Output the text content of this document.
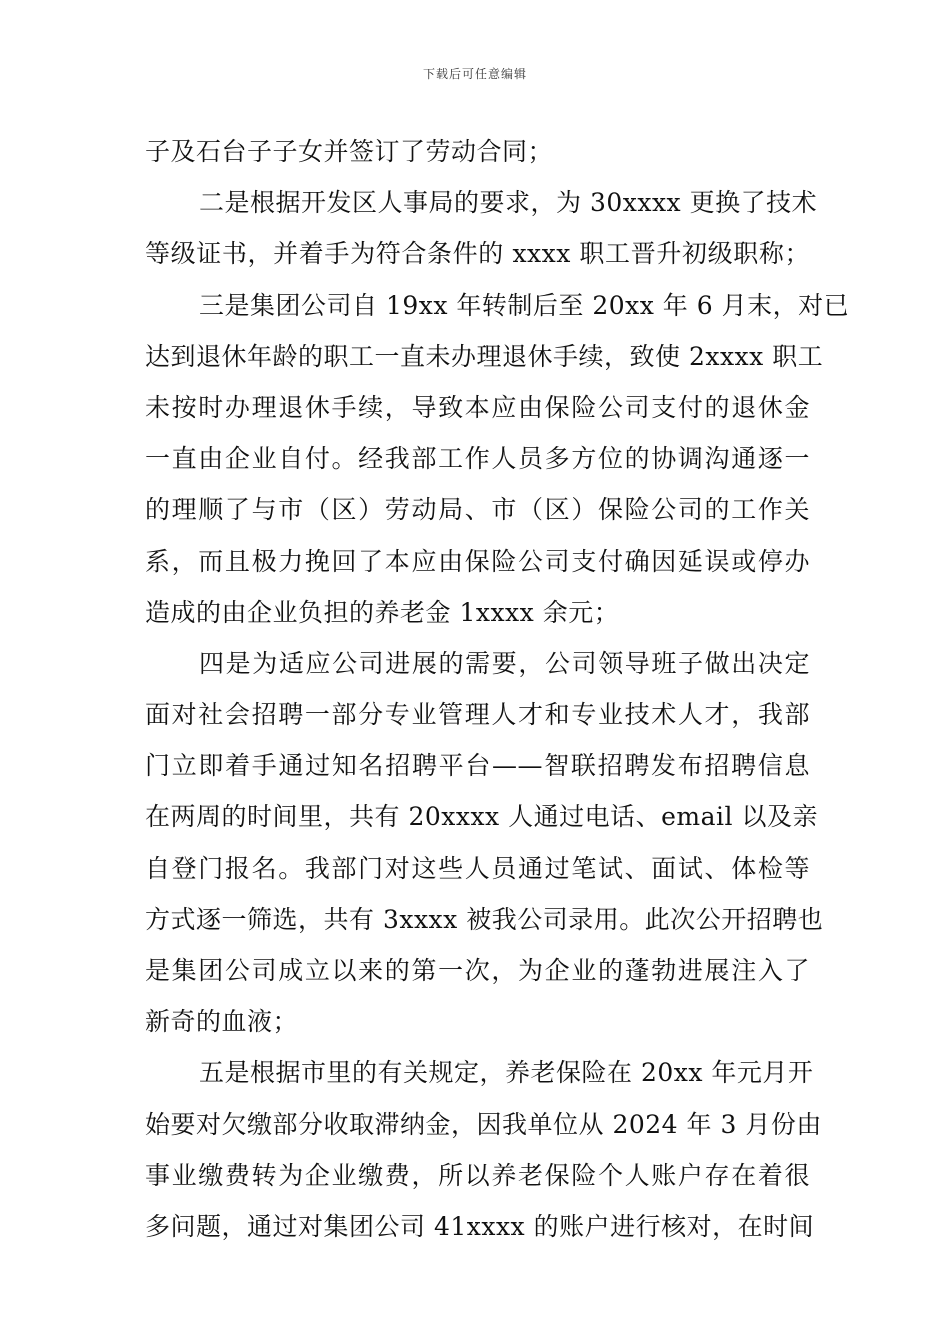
下载后可任意编辑
子及石台子子女并签订了劳动合同；
二是根据开发区人事局的要求，为 30xxxx 更换了技术
等级证书，并着手为符合条件的 xxxx 职工晋升初级职称；
三是集团公司自 19xx 年转制后至 20xx 年 6 月末，对已
达到退休年龄的职工一直未办理退休手续，致使 2xxxx 职工
未按时办理退休手续，导致本应由保险公司支付的退休金
一直由企业自付。经我部工作人员多方位的协调沟通逐一
的理顺了与市（区）劳动局、市（区）保险公司的工作关
系，而且极力挽回了本应由保险公司支付确因延误或停办
造成的由企业负担的养老金 1xxxx 余元；
四是为适应公司进展的需要，公司领导班子做出决定
面对社会招聘一部分专业管理人才和专业技术人才，我部
门立即着手通过知名招聘平台——智联招聘发布招聘信息
在两周的时间里，共有 20xxxx 人通过电话、email 以及亲
自登门报名。我部门对这些人员通过笔试、面试、体检等
方式逐一筛选，共有 3xxxx 被我公司录用。此次公开招聘也
是集团公司成立以来的第一次，为企业的蓬勃进展注入了
新奇的血液；
五是根据市里的有关规定，养老保险在 20xx 年元月开
始要对欠缴部分收取滞纳金，因我单位从 2024 年 3 月份由
事业缴费转为企业缴费，所以养老保险个人账户存在着很
多问题，通过对集团公司 41xxxx 的账户进行核对，在时间
